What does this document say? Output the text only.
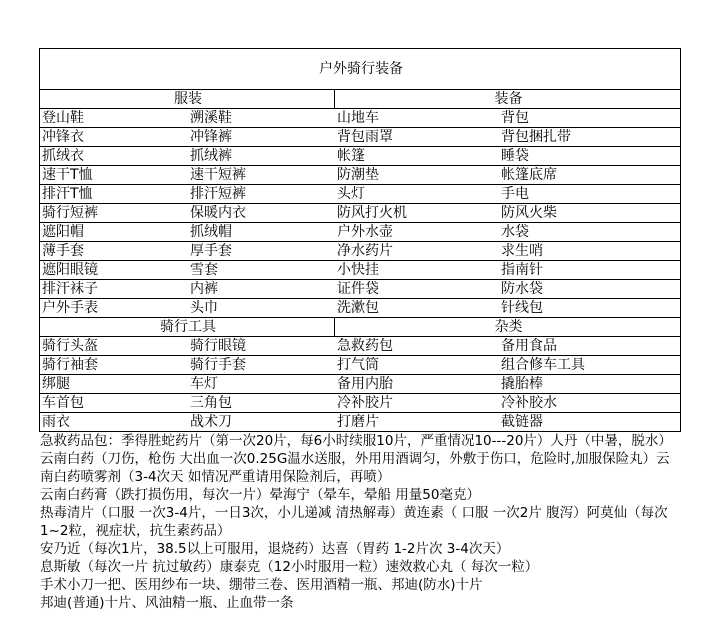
户外骑行装备			
服装		装备	
登山鞋	溯溪鞋	山地车	背包
冲锋衣	冲锋裤	背包雨罩	背包捆扎带
抓绒衣	抓绒裤	帐篷	睡袋
速干T恤	速干短裤	防潮垫	帐篷底席
排汗T恤	排汗短裤	头灯	手电
骑行短裤	保暖内衣	防风打火机	防风火柴
遮阳帽	抓绒帽	户外水壶	水袋
薄手套	厚手套	净水药片	求生哨
遮阳眼镜	雪套	小快挂	指南针
排汗袜子	内裤	证件袋	防水袋
户外手表	头巾	洗漱包	针线包
骑行工具		杂类	
骑行头盔	骑行眼镜	急救药包	备用食品
骑行袖套	骑行手套	打气筒	组合修车工具
绑腿	车灯	备用内胎	撬胎棒
车首包	三角包	冷补胶片	冷补胶水
雨衣	战术刀	打磨片	截链器
急救药品包：季得胜蛇药片（第一次20片，每6小时续服10片，严重情况10---20片）人丹（中暑，脱水）
云南白药（刀伤，枪伤 大出血一次0.25G温水送服，外用用酒调匀，外敷于伤口，危险时,加服保险丸）云南白药喷雾剂（3-4次天 如情况严重请用保险剂后，再喷）
云南白药膏（跌打损伤用，每次一片）晕海宁（晕车，晕船 用量50毫克）
热毒清片（口服 一次3-4片，一日3次，小儿递减 清热解毒）黄连素（ 口服 一次2片 腹泻）阿莫仙（每次1~2粒，视症状，抗生素药品）
安乃近（每次1片，38.5以上可服用，退烧药）达喜（胃药 1-2片次 3-4次天）
息斯敏（每次一片 抗过敏药）康泰克（12小时服用一粒）速效救心丸（ 每次一粒）
手术小刀一把、医用纱布一块、绷带三卷、医用酒精一瓶、邦迪(防水)十片
邦迪(普通)十片、风油精一瓶、止血带一条
